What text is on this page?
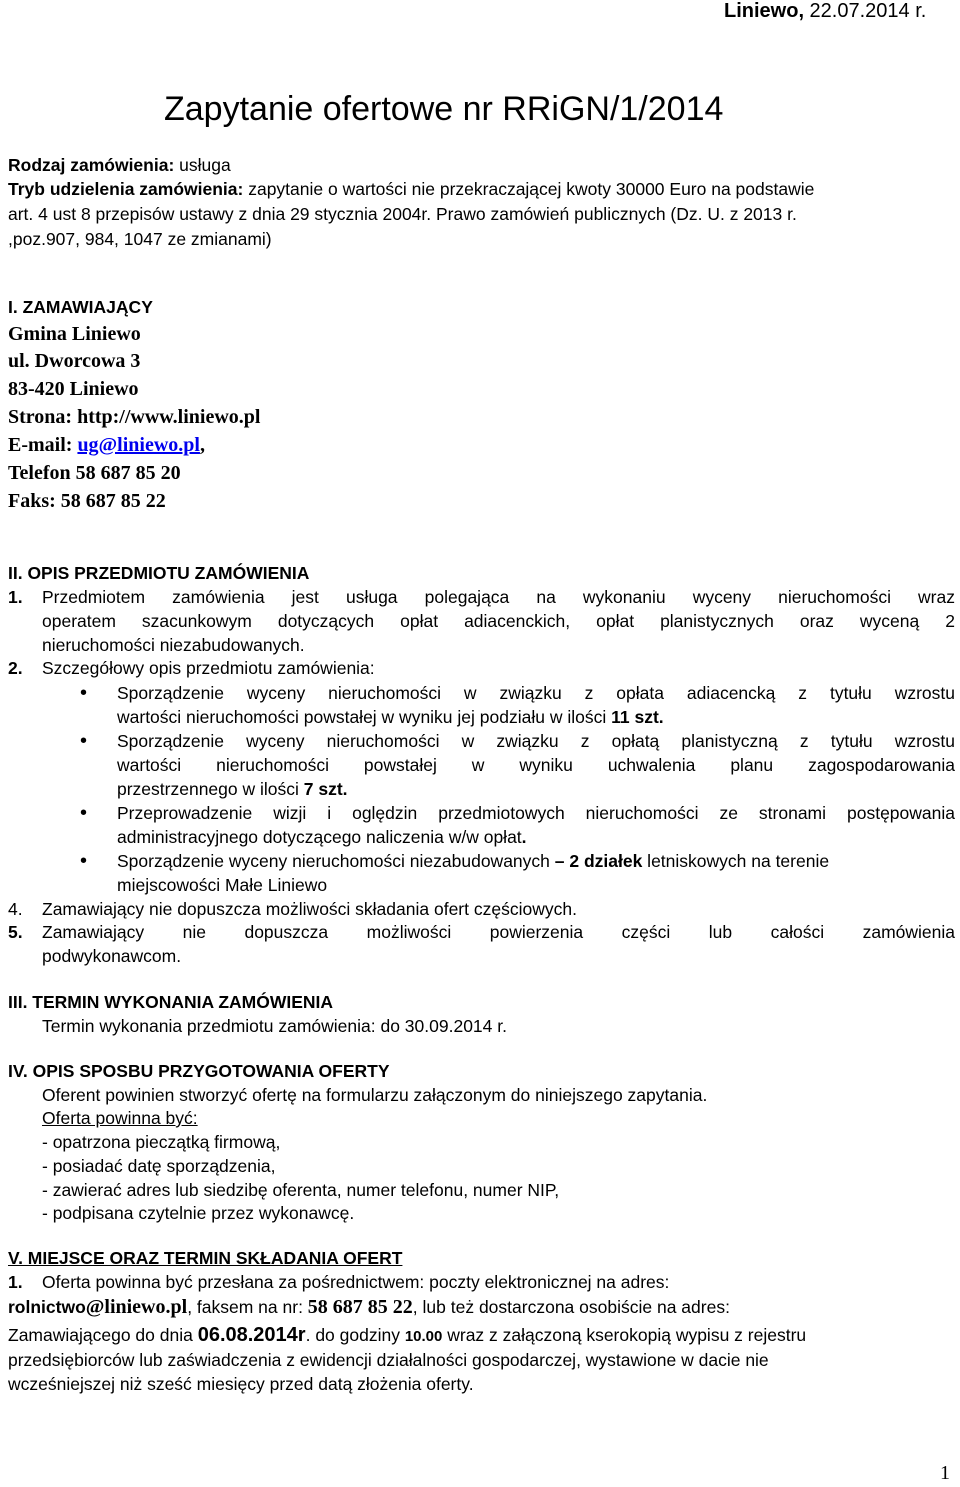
Liniewo, 22.07.2014 r.
Zapytanie ofertowe nr RRiGN/1/2014
Rodzaj zamówienia: usługa
Tryb udzielenia zamówienia: zapytanie o wartości nie przekraczającej kwoty 30000 Euro na podstawie
art. 4 ust 8 przepisów ustawy z dnia 29 stycznia 2004r. Prawo zamówień publicznych (Dz. U. z 2013 r.
,poz.907, 984, 1047 ze zmianami)
I. ZAMAWIAJĄCY
Gmina Liniewo
ul. Dworcowa 3
83-420 Liniewo
Strona: http://www.liniewo.pl
E-mail: ug@liniewo.pl,
Telefon 58 687 85 20
Faks: 58 687 85 22
II. OPIS PRZEDMIOTU ZAMÓWIENIA
1. Przedmiotem zamówienia jest usługa polegająca na wykonaniu wyceny nieruchomości wraz
operatem szacunkowym dotyczących opłat adiacenckich, opłat planistycznych oraz wyceną 2
nieruchomości niezabudowanych.
2. Szczegółowy opis przedmiotu zamówienia:
• Sporządzenie wyceny nieruchomości w związku z opłata adiacencką z tytułu wzrostu
wartości nieruchomości powstałej w wyniku jej podziału w ilości 11 szt.
• Sporządzenie wyceny nieruchomości w związku z opłatą planistyczną z tytułu wzrostu
wartości nieruchomości powstałej w wyniku uchwalenia planu zagospodarowania
przestrzennego w ilości 7 szt.
• Przeprowadzenie wizji i oględzin przedmiotowych nieruchomości ze stronami postępowania
administracyjnego dotyczącego naliczenia w/w opłat.
• Sporządzenie wyceny nieruchomości niezabudowanych – 2 działek letniskowych na terenie
miejscowości Małe Liniewo
4. Zamawiający nie dopuszcza możliwości składania ofert częściowych.
5. Zamawiający nie dopuszcza możliwości powierzenia części lub całości zamówienia
podwykonawcom.
III. TERMIN WYKONANIA ZAMÓWIENIA
Termin wykonania przedmiotu zamówienia: do 30.09.2014 r.
IV. OPIS SPOSBU PRZYGOTOWANIA OFERTY
Oferent powinien stworzyć ofertę na formularzu załączonym do niniejszego zapytania.
Oferta powinna być:
- opatrzona pieczątką firmową,
- posiadać datę sporządzenia,
- zawierać adres lub siedzibę oferenta, numer telefonu, numer NIP,
- podpisana czytelnie przez wykonawcę.
V. MIEJSCE ORAZ TERMIN SKŁADANIA OFERT
1. Oferta powinna być przesłana za pośrednictwem: poczty elektronicznej na adres:
rolnictwo@liniewo.pl, faksem na nr: 58 687 85 22, lub też dostarczona osobiście na adres:
Zamawiającego do dnia 06.08.2014r. do godziny 10.00 wraz z załączoną kserokopią wypisu z rejestru
przedsiębiorców lub zaświadczenia z ewidencji działalności gospodarczej, wystawione w dacie nie
wcześniejszej niż sześć miesięcy przed datą złożenia oferty.
1
